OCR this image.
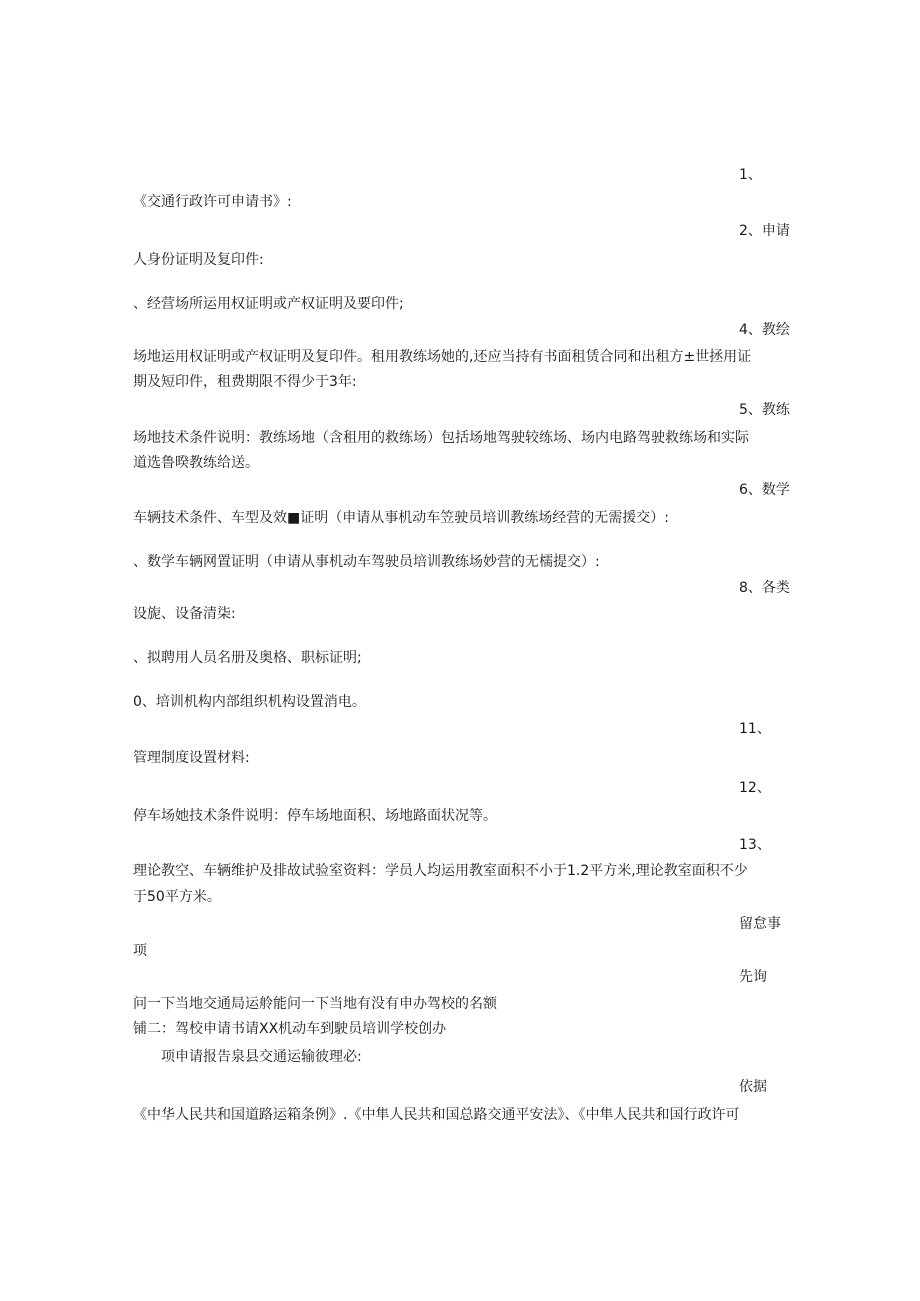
1、
《交通行政许可申请书》:
2、申请
人身份证明及复印件:
、经营场所运用权证明或产权证明及要印件;
4、教绘
场地运用权证明或产权证明及复印件。租用教练场她的,还应当持有书面租赁合同和出租方±世拯用证
期及短印件，租费期限不得少于3年:
5、教练
场地技术条件说明：教练场地（含租用的救练场）包括场地驾驶较练场、场内电路驾驶救练场和实际
道选鲁暌教练给送。
6、数学
车辆技术条件、车型及效■证明（申请从事机动车笠驶员培训教练场经营的无需援交）:
、数学车辆网置证明（申请从事机动车驾驶员培训教练场妙营的无檽提交）:
8、各类
设旎、设备清柒:
、拟聘用人员名册及奥格、职标证明;
0、培训机构内部组织机构设置消电。
11、
管理制度设置材料:
12、
停车场她技术条件说明：停车场地面积、场地路面状况等。
13、
理论教空、车辆维护及排故试验室资料：学员人均运用教室面积不小于1.2平方米,理论教室面积不少
于50平方米。
留怠事
项
先询
问一下当地交通局运舲能问一下当地有没有申办驾校的名额
铺二：驾校申请书请XX机动车到駛员培训学校创办
项申请报告泉县交通运输彼理必:
依据
《中华人民共和国道路运箱条例》.《中隼人民共和国总路交通平安法》、《中隼人民共和国行政许可
